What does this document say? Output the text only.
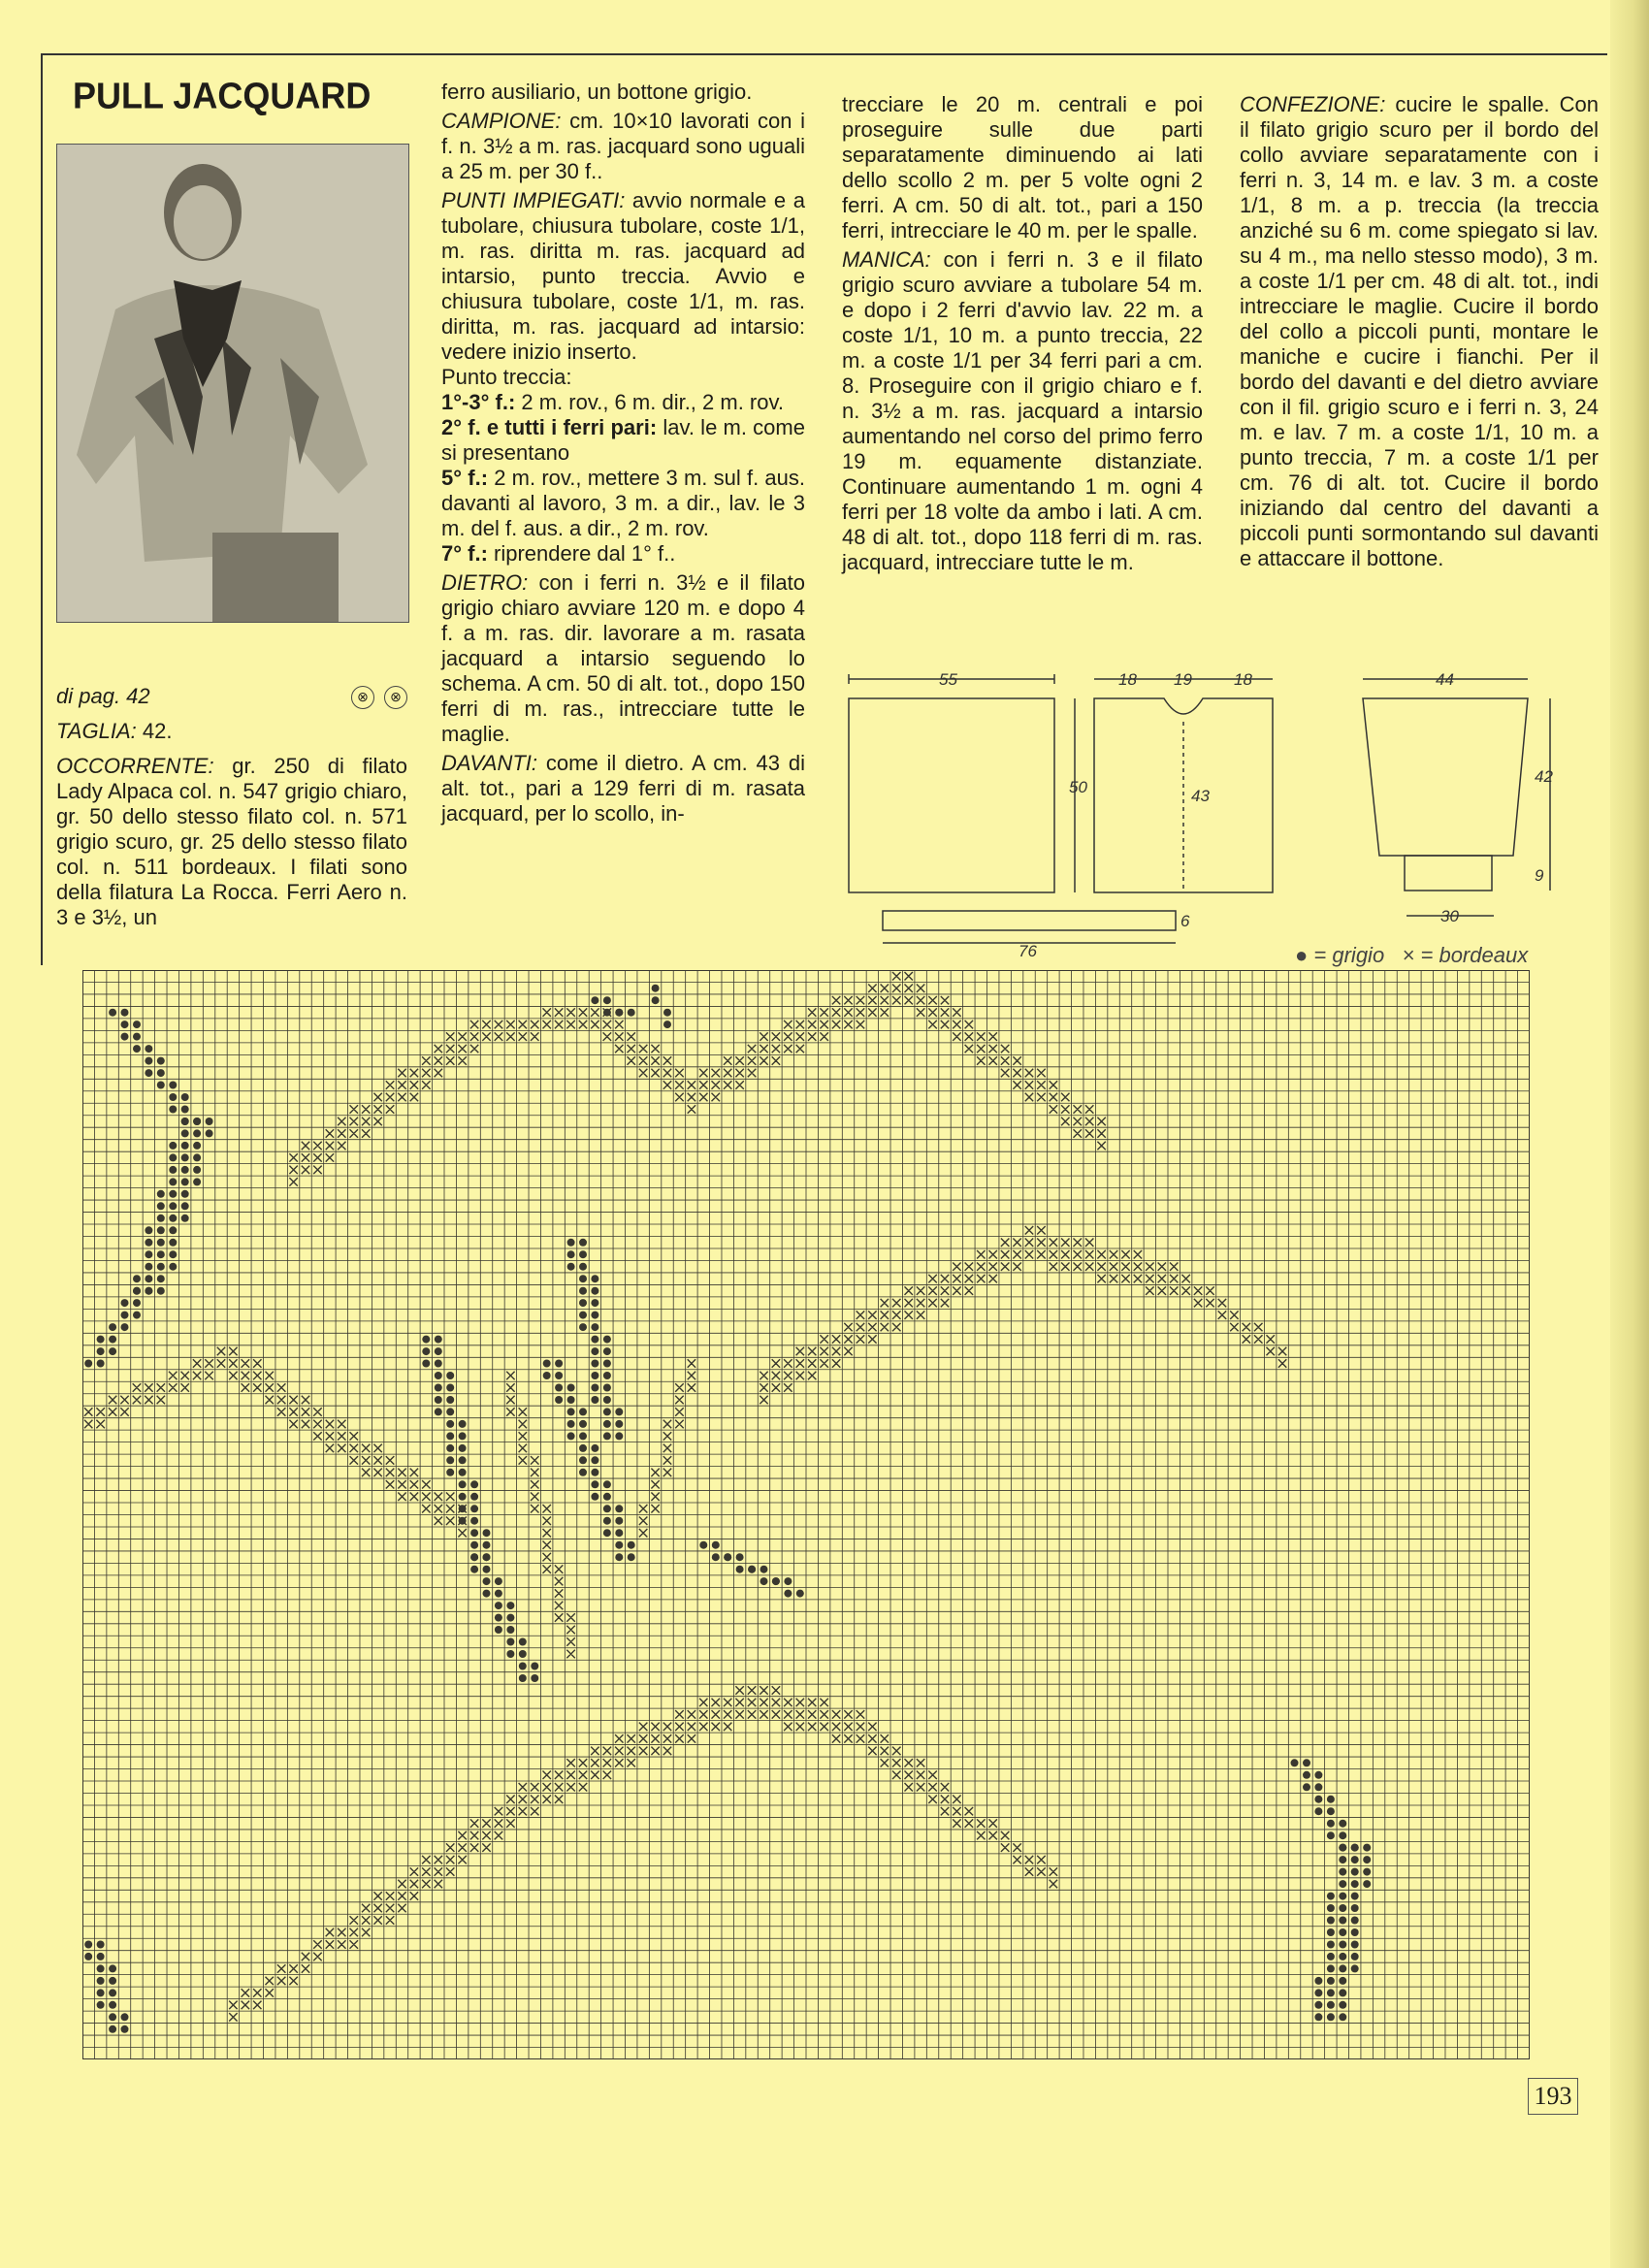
PULL JACQUARD

di pag. 42	⊗ ⊗

TAGLIA: 42.

OCCORRENTE: gr. 250 di filato Lady Alpaca col. n. 547 grigio chiaro, gr. 50 dello stesso filato col. n. 571 grigio scuro, gr. 25 dello stesso filato col. n. 511 bordeaux. I filati sono della filatura La Rocca. Ferri Aero n. 3 e 3½, un

ferro ausiliario, un bottone grigio.

CAMPIONE: cm. 10×10 lavorati con i f. n. 3½ a m. ras. jacquard sono uguali a 25 m. per 30 f..

PUNTI IMPIEGATI: avvio normale e a tubolare, chiusura tubolare, coste 1/1, m. ras. diritta m. ras. jacquard ad intarsio, punto treccia. Avvio e chiusura tubolare, coste 1/1, m. ras. diritta, m. ras. jacquard ad intarsio: vedere inizio inserto.

Punto treccia:

1°-3° f.: 2 m. rov., 6 m. dir., 2 m. rov.

2° f. e tutti i ferri pari: lav. le m. come si presentano

5° f.: 2 m. rov., mettere 3 m. sul f. aus. davanti al lavoro, 3 m. a dir., lav. le 3 m. del f. aus. a dir., 2 m. rov.

7° f.: riprendere dal 1° f..

DIETRO: con i ferri n. 3½ e il filato grigio chiaro avviare 120 m. e dopo 4 f. a m. ras. dir. lavorare a m. rasata jacquard a intarsio seguendo lo schema. A cm. 50 di alt. tot., dopo 150 ferri di m. ras., intrecciare tutte le maglie.

DAVANTI: come il dietro. A cm. 43 di alt. tot., pari a 129 ferri di m. rasata jacquard, per lo scollo, in-

trecciare le 20 m. centrali e poi proseguire sulle due parti separatamente diminuendo ai lati dello scollo 2 m. per 5 volte ogni 2 ferri. A cm. 50 di alt. tot., pari a 150 ferri, intrecciare le 40 m. per le spalle.

MANICA: con i ferri n. 3 e il filato grigio scuro avviare a tubolare 54 m. e dopo i 2 ferri d'avvio lav. 22 m. a coste 1/1, 10 m. a punto treccia, 22 m. a coste 1/1 per 34 ferri pari a cm. 8. Proseguire con il grigio chiaro e f. n. 3½ a m. ras. jacquard a intarsio aumentando nel corso del primo ferro 19 m. equamente distanziate. Continuare aumentando 1 m. ogni 4 ferri per 18 volte da ambo i lati. A cm. 48 di alt. tot., dopo 118 ferri di m. ras. jacquard, intrecciare tutte le m.

CONFEZIONE: cucire le spalle. Con il filato grigio scuro per il bordo del collo avviare separatamente con i ferri n. 3, 14 m. e lav. 3 m. a coste 1/1, 8 m. a p. treccia (la treccia anziché su 6 m. come spiegato si lav. su 4 m., ma nello stesso modo), 3 m. a coste 1/1 per cm. 48 di alt. tot., indi intrecciare le maglie. Cucire il bordo del collo a piccoli punti, montare le maniche e cucire i fianchi. Per il bordo del davanti e del dietro avviare con il fil. grigio scuro e i ferri n. 3, 24 m. e lav. 7 m. a coste 1/1, 10 m. a punto treccia, 7 m. a coste 1/1 per cm. 76 di alt. tot. Cucire il bordo iniziando dal centro del davanti a piccoli punti sormontando sul davanti e attaccare il bottone.

55	18 19	18
50	43
76
6
44
42
9
30
● = grigio × = bordeaux
193
